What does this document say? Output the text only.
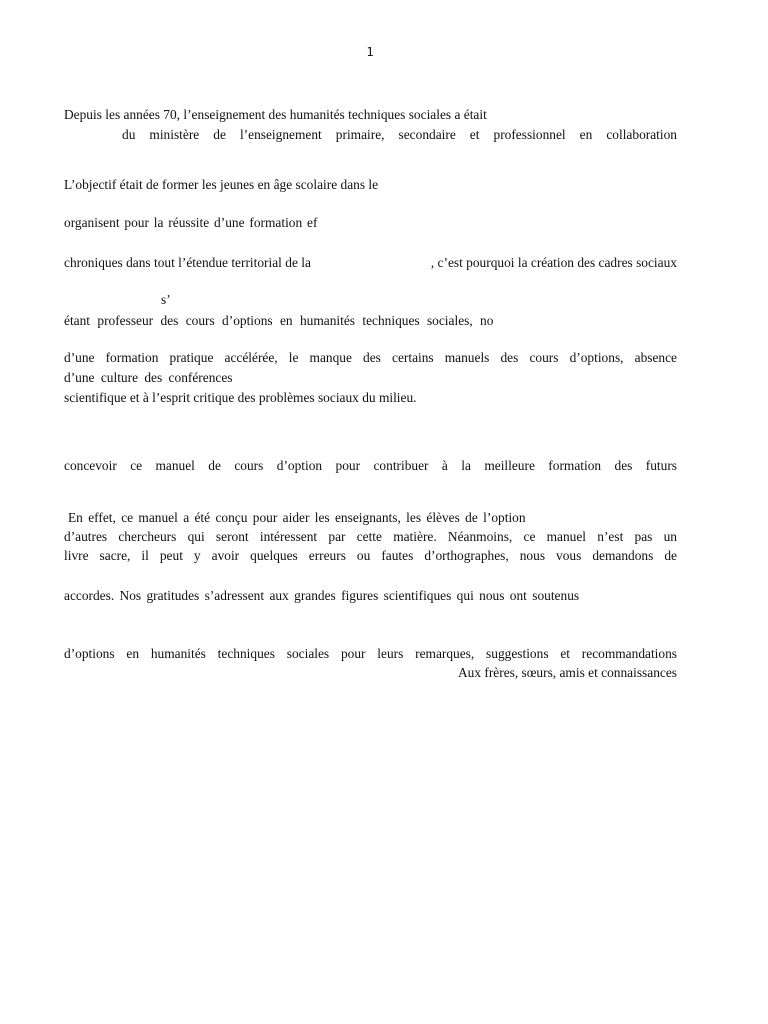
1
Depuis les années 70, l’enseignement des humanités techniques sociales a était
du ministère de l’enseignement primaire, secondaire et professionnel en collaboration
L’objectif était de former les jeunes en âge scolaire dans le
organisent pour la réussite d’une formation ef
chroniques dans tout l’étendue territorial de la	, c’est pourquoi la création des cadres sociaux
s’
étant professeur des cours d’options en humanités techniques sociales, no
d’une formation pratique accélérée, le manque des certains manuels des cours d’options, absence
d’une culture des conférences
scientifique et à l’esprit critique des problèmes sociaux du milieu.
concevoir ce manuel de cours d’option pour contribuer à la meilleure formation des futurs
En effet, ce manuel a été conçu pour aider les enseignants, les élèves de l’option
d’autres chercheurs qui seront intéressent par cette matière. Néanmoins, ce manuel n’est pas un
livre sacre, il peut y avoir quelques erreurs ou fautes d’orthographes, nous vous demandons de
accordes. Nos gratitudes s’adressent aux grandes figures scientifiques qui nous ont soutenus
d’options en humanités techniques sociales pour leurs remarques, suggestions et recommandations
Aux frères, sœurs, amis et connaissances
